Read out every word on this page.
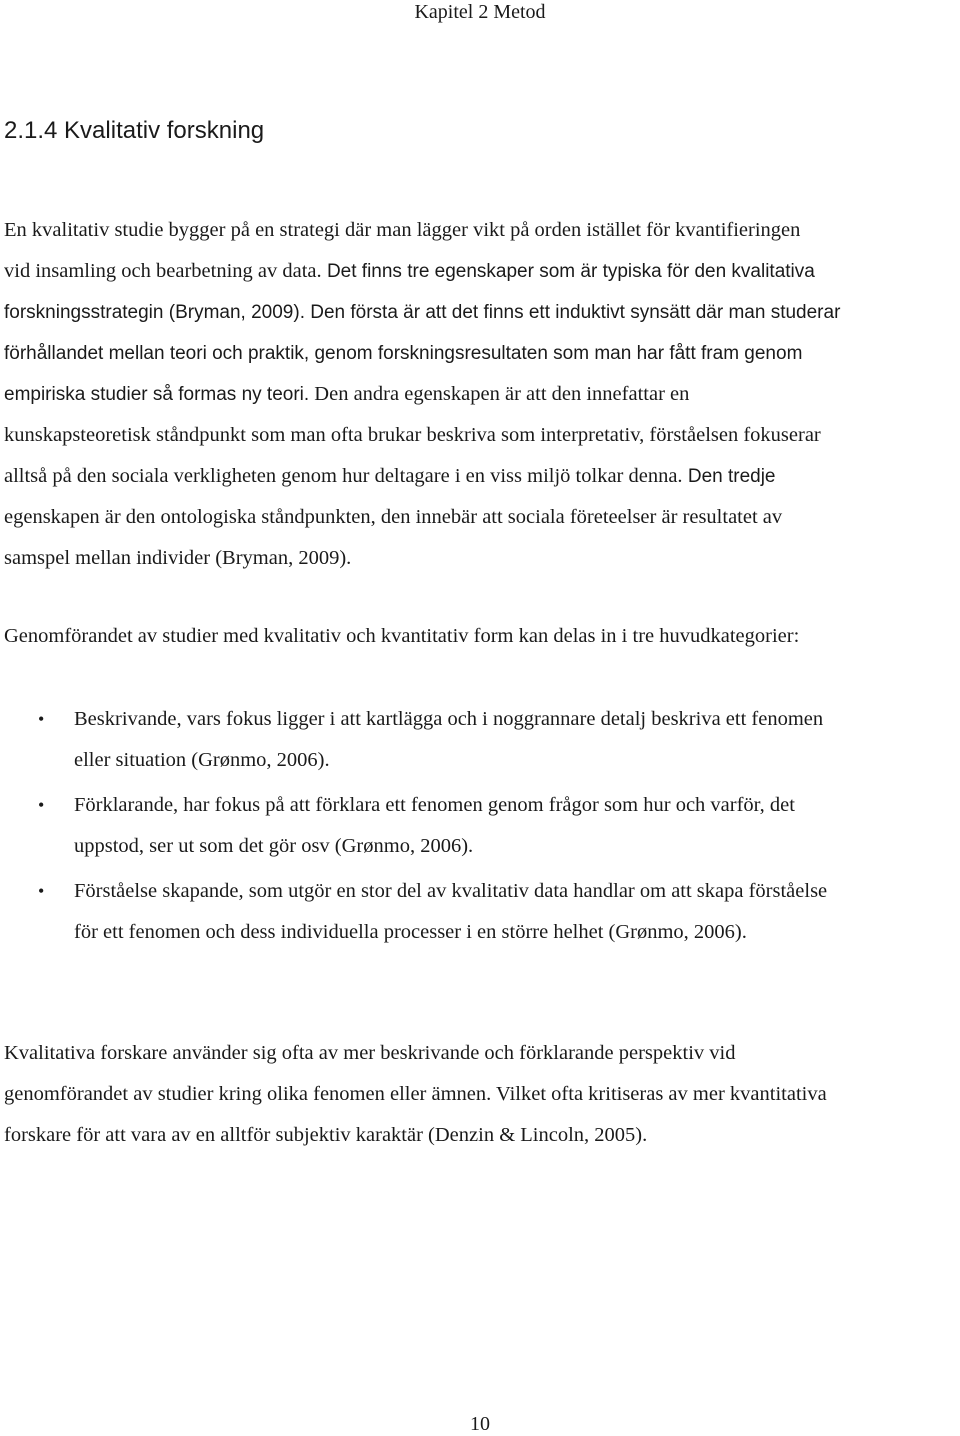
Kapitel 2 Metod
2.1.4 Kvalitativ forskning

En kvalitativ studie bygger på en strategi där man lägger vikt på orden istället för kvantifieringen
vid insamling och bearbetning av data. Det finns tre egenskaper som är typiska för den kvalitativa
forskningsstrategin (Bryman, 2009). Den första är att det finns ett induktivt synsätt där man studerar
förhållandet mellan teori och praktik, genom forskningsresultaten som man har fått fram genom
empiriska studier så formas ny teori. Den andra egenskapen är att den innefattar en
kunskapsteoretisk ståndpunkt som man ofta brukar beskriva som interpretativ, förståelsen fokuserar
alltså på den sociala verkligheten genom hur deltagare i en viss miljö tolkar denna. Den tredje
egenskapen är den ontologiska ståndpunkten, den innebär att sociala företeelser är resultatet av
samspel mellan individer (Bryman, 2009).

Genomförandet av studier med kvalitativ och kvantitativ form kan delas in i tre huvudkategorier:

• Beskrivande, vars fokus ligger i att kartlägga och i noggrannare detalj beskriva ett fenomen
eller situation (Grønmo, 2006).
• Förklarande, har fokus på att förklara ett fenomen genom frågor som hur och varför, det
uppstod, ser ut som det gör osv (Grønmo, 2006).
• Förståelse skapande, som utgör en stor del av kvalitativ data handlar om att skapa förståelse
för ett fenomen och dess individuella processer i en större helhet (Grønmo, 2006).

Kvalitativa forskare använder sig ofta av mer beskrivande och förklarande perspektiv vid
genomförandet av studier kring olika fenomen eller ämnen. Vilket ofta kritiseras av mer kvantitativa
forskare för att vara av en alltför subjektiv karaktär (Denzin & Lincoln, 2005).

10
